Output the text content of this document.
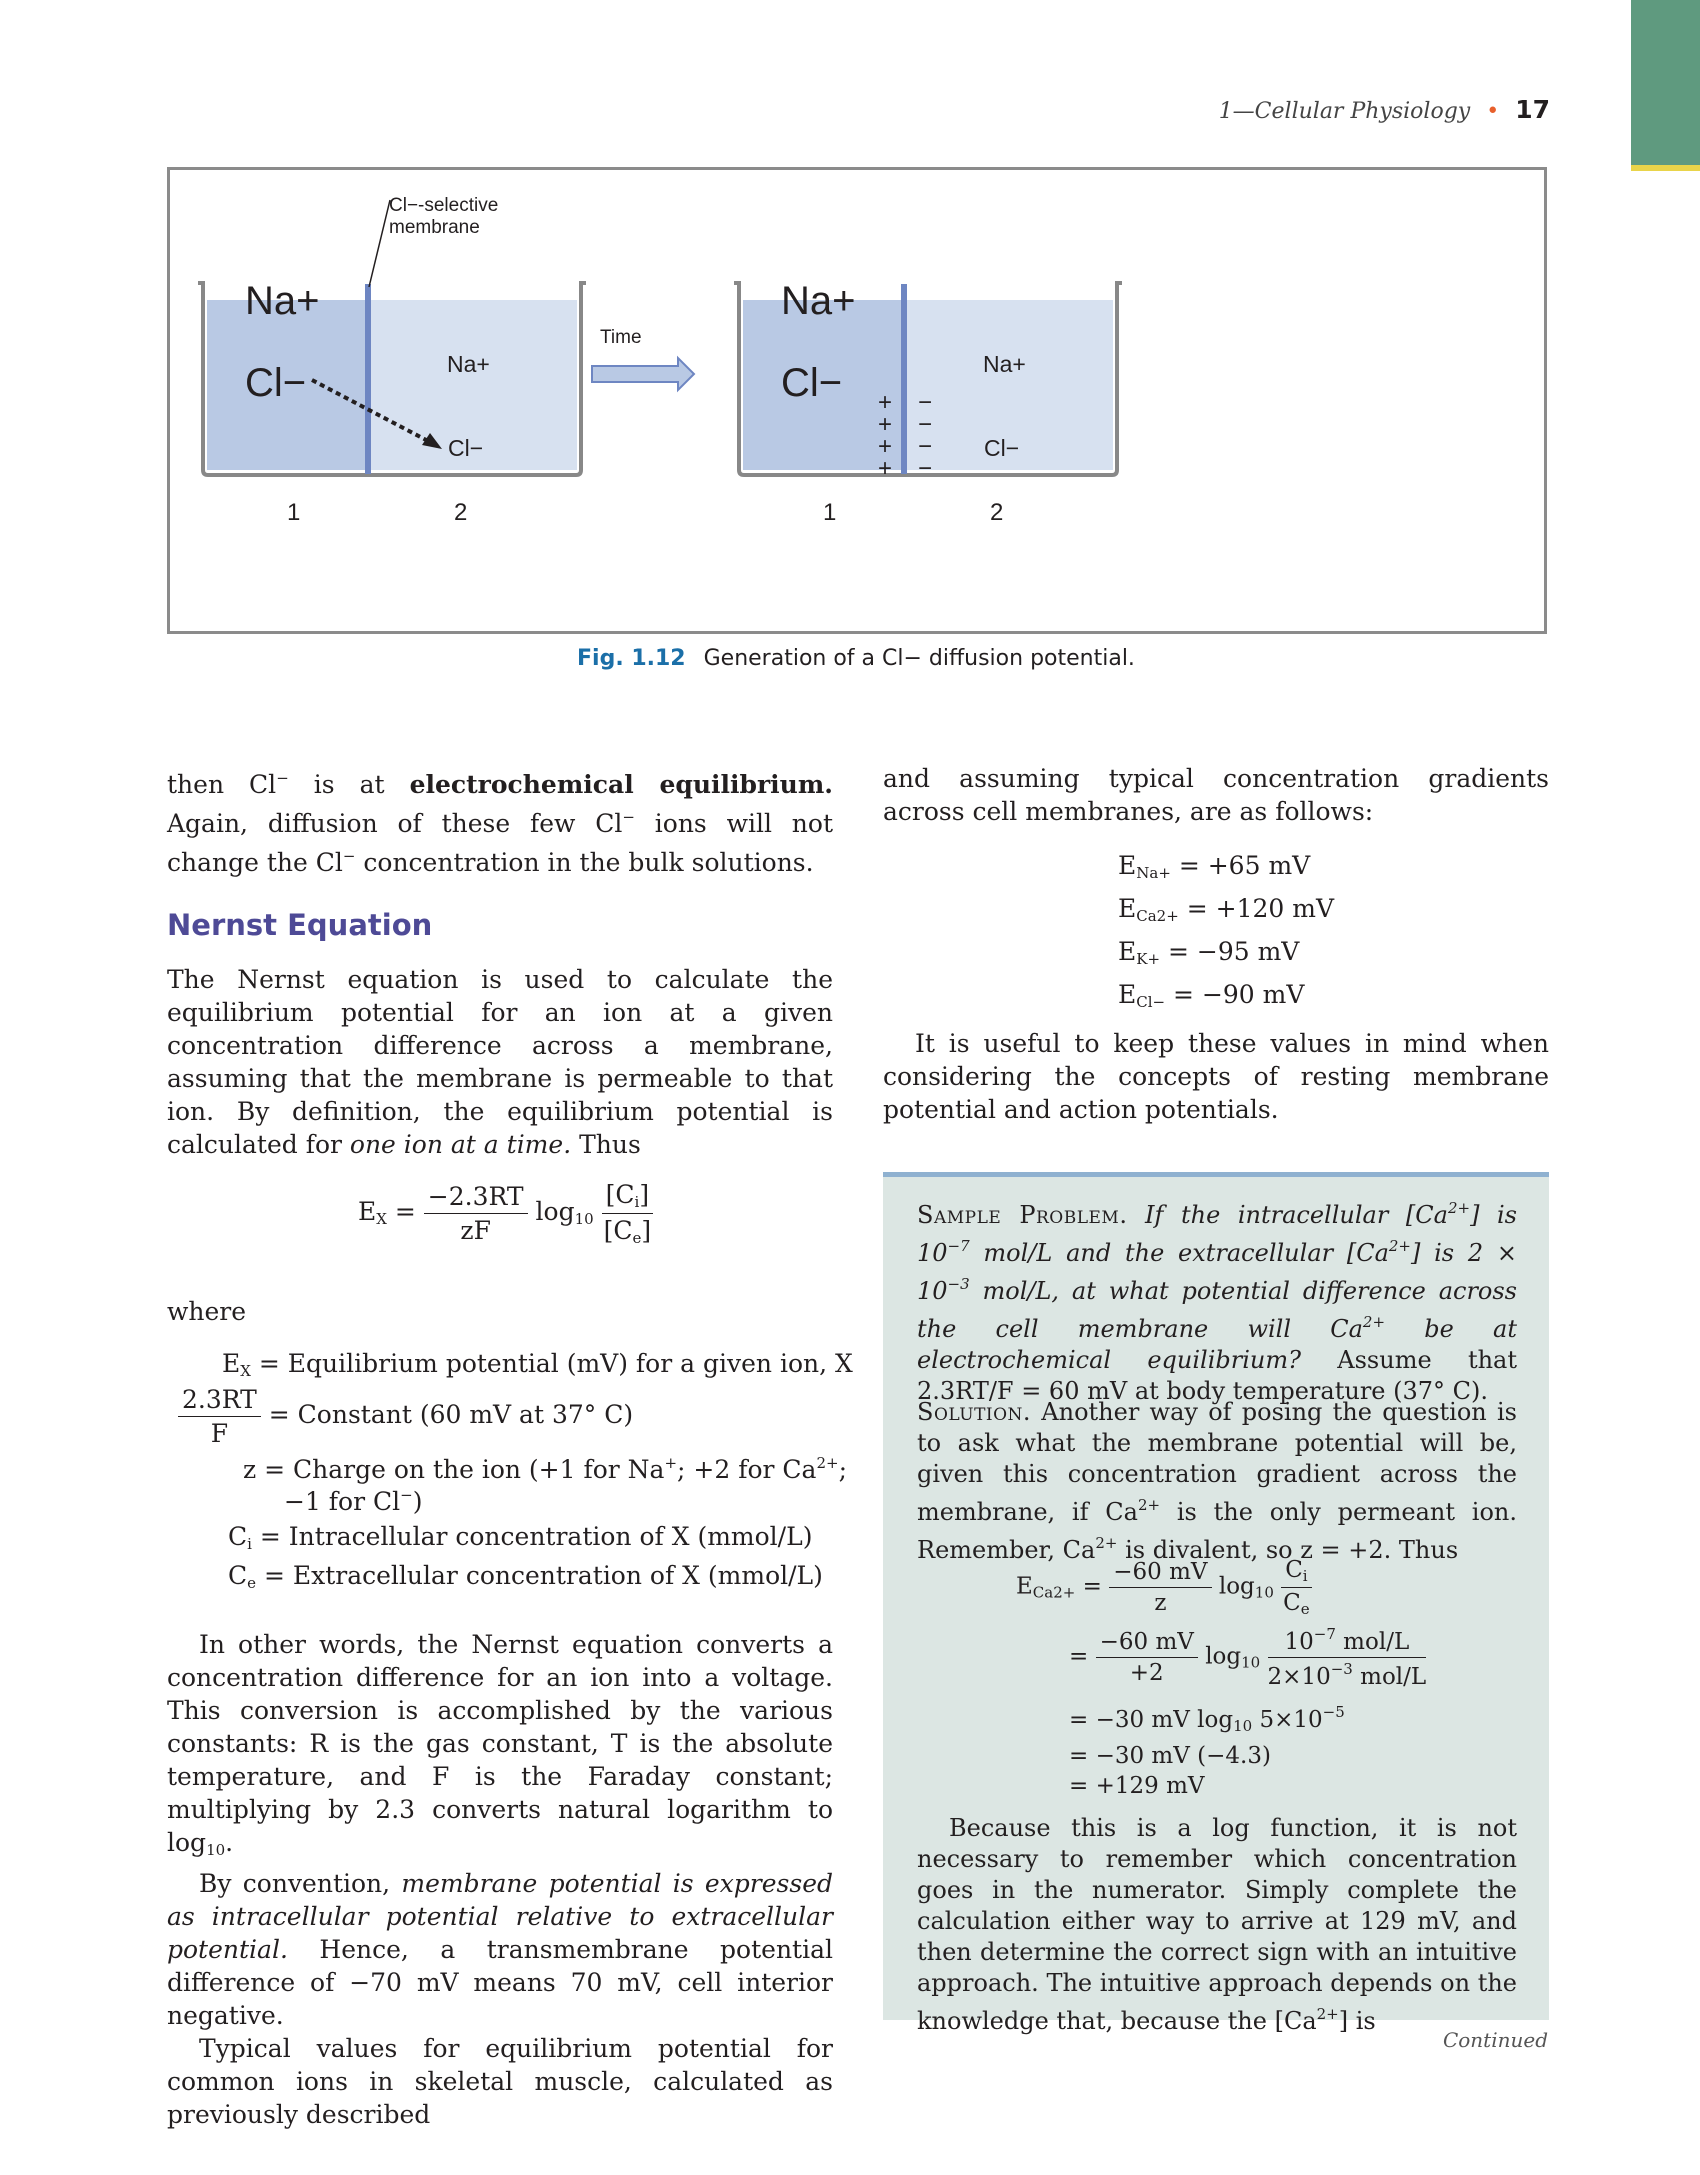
1—Cellular Physiology • 17
Cl−-selective
membrane
Na+
Cl−	Na+
Cl−
1	2
Time
Na+
Cl−	Na+
Cl−
+
+
+
+
−
−
−
−
1	2
Fig. 1.12 Generation of a Cl− diffusion potential.

then Cl− is at electrochemical equilibrium. Again, diffusion of these few Cl− ions will not change the Cl− concentration in the bulk solutions.

Nernst Equation

The Nernst equation is used to calculate the equilibrium potential for an ion at a given concentration difference across a membrane, assuming that the membrane is permeable to that ion. By definition, the equilibrium potential is calculated for one ion at a time. Thus

$E_X = \frac{-2.3RT}{zF} \log_{10} \frac{[C_i]}{[C_e]}$
where
$E_X$ = Equilibrium potential (mV) for a given ion, X
$\frac{2.3RT}{F}$ = Constant (60 mV at 37° C)
z = Charge on the ion (+1 for Na+; +2 for $Ca^{2+}$;
−1 for Cl−)
$C_i$ = Intracellular concentration of X (mmol/L)
$C_e$ = Extracellular concentration of X (mmol/L)

In other words, the Nernst equation converts a concentration difference for an ion into a voltage. This conversion is accomplished by the various constants: R is the gas constant, T is the absolute temperature, and F is the Faraday constant; multiplying by 2.3 converts natural logarithm to $\log_{10}$.

By convention, membrane potential is expressed as intracellular potential relative to extracellular potential. Hence, a transmembrane potential difference of −70 mV means 70 mV, cell interior negative.

Typical values for equilibrium potential for common ions in skeletal muscle, calculated as previously described

and assuming typical concentration gradients across cell membranes, are as follows:

$E_{Na+} = +65$ mV
$E_{Ca2+} = +120$ mV
$E_{K+} = -95$ mV
$E_{Cl-} = -90$ mV

It is useful to keep these values in mind when considering the concepts of resting membrane potential and action potentials.

Sample Problem. If the intracellular $[Ca^{2+}]$ is $10^{-7}$ mol/L and the extracellular $[Ca^{2+}]$ is $2 \times 10^{-3}$ mol/L, at what potential difference across the cell membrane will $Ca^{2+}$ be at electrochemical equilibrium? Assume that 2.3RT/F = 60 mV at body temperature (37° C).
Solution. Another way of posing the question is to ask what the membrane potential will be, given this concentration gradient across the membrane, if $Ca^{2+}$ is the only permeant ion. Remember, $Ca^{2+}$ is divalent, so z = +2. Thus
$E_{Ca2+} = \frac{-60 mV}{z} \log_{10} \frac{C_i}{C_e}$
= $\frac{-60 mV}{+2} \log_{10} \frac{10^{-7} mol/L}{2\times 10^{-3} mol/L}$
= −30 mV $\log_{10} 5\times 10^{-5}$
= −30 mV (−4.3)
= +129 mV
Because this is a log function, it is not necessary to remember which concentration goes in the numerator. Simply complete the calculation either way to arrive at 129 mV, and then determine the correct sign with an intuitive approach. The intuitive approach depends on the knowledge that, because the $[Ca^{2+}]$ is
Continued
